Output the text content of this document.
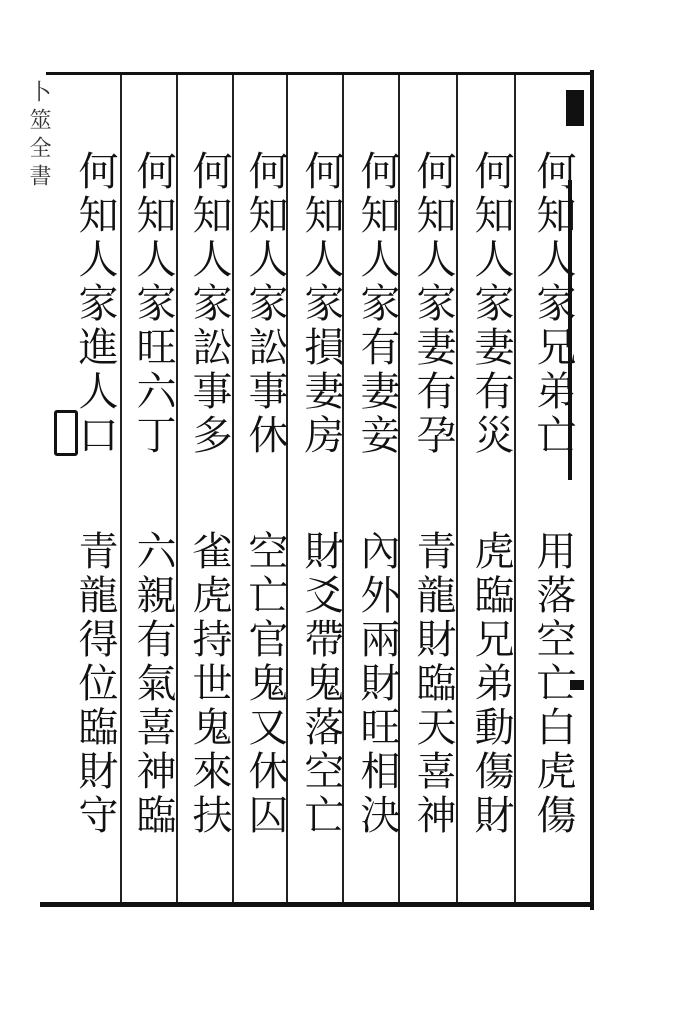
卜筮全書
何知人家兄弟亡
用落空亡白虎傷
何知人家妻有災
虎臨兄弟動傷財
何知人家妻有孕
青龍財臨天喜神
何知人家有妻妾
內外兩財旺相決
何知人家損妻房
財爻帶鬼落空亡
何知人家訟事休
空亡官鬼又休囚
何知人家訟事多
雀虎持世鬼來扶
何知人家旺六丁
六親有氣喜神臨
何知人家進人口
青龍得位臨財守
